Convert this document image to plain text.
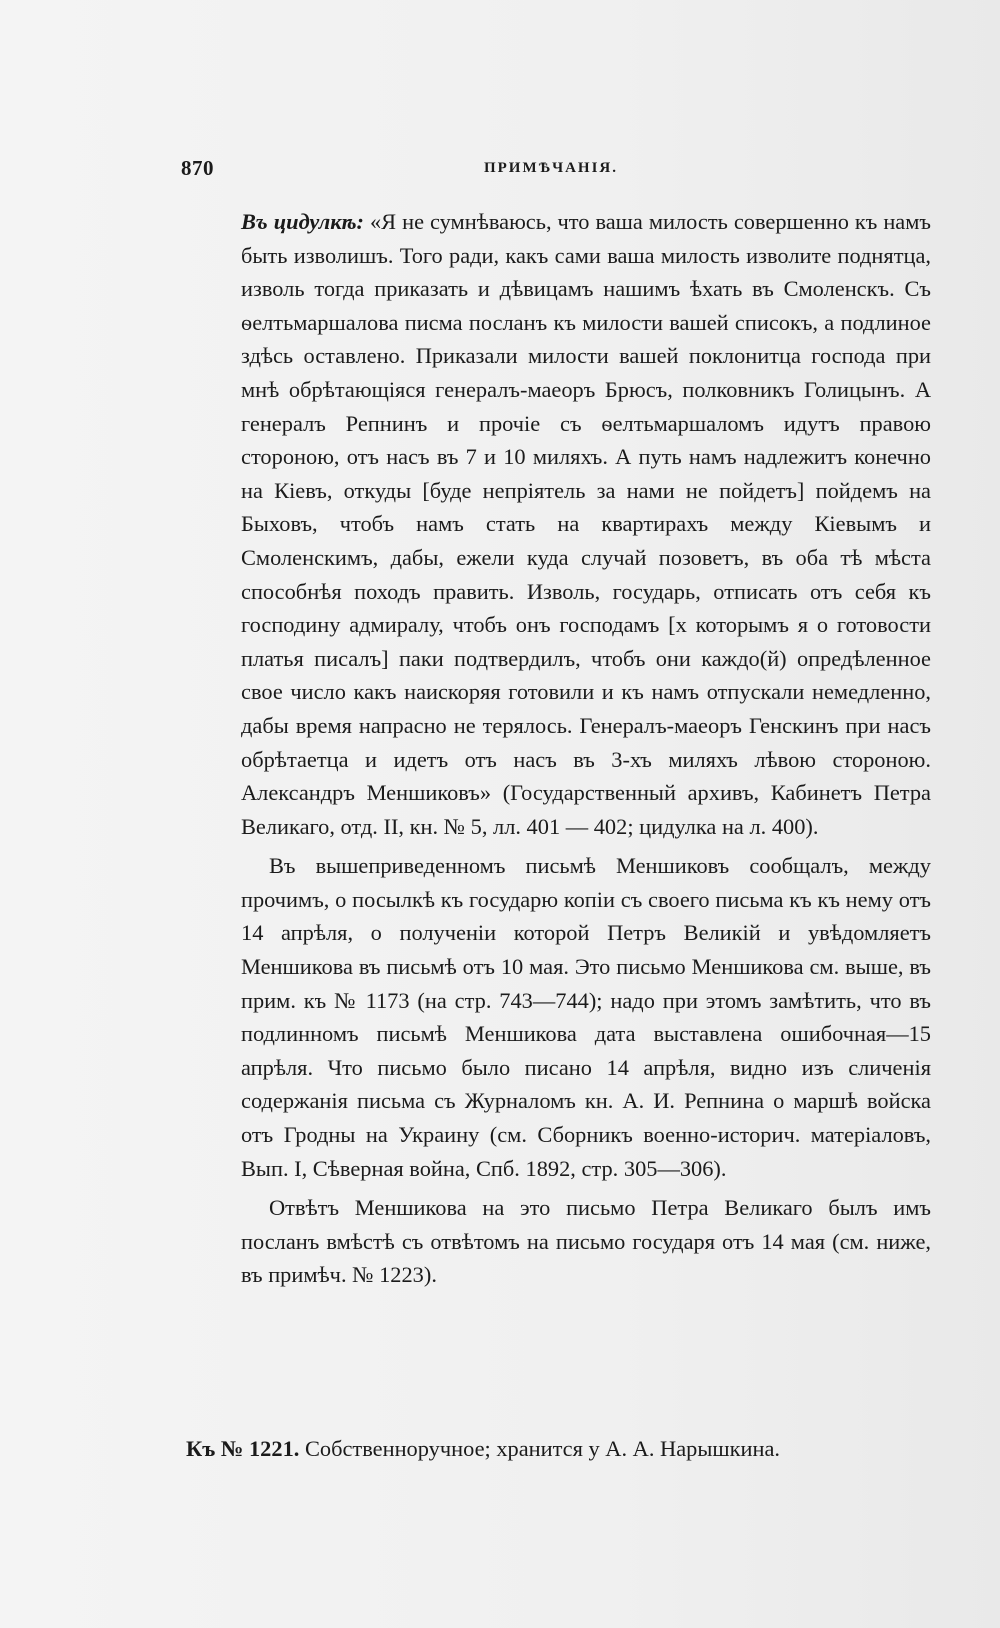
870	ПРИМѢЧАНІЯ.

Въ цидулкѣ: «Я не сумнѣваюсь, что ваша милость совершенно къ намъ быть изволишъ. Того ради, какъ сами ваша милость изволите поднятца, изволь тогда приказать и дѣвицамъ нашимъ ѣхать въ Смоленскъ. Съ ѳелтьмаршалова писма посланъ къ милости вашей списокъ, а подлиное здѣсь оставлено. Приказали милости вашей поклонитца господа при мнѣ обрѣтающіяся генералъ-маеоръ Брюсъ, полковникъ Голицынъ. А генералъ Репнинъ и прочіе съ ѳелтьмаршаломъ идутъ правою стороною, отъ насъ въ 7 и 10 миляхъ. А путь намъ надлежитъ конечно на Кіевъ, откуды [буде непріятель за нами не пойдетъ] пойдемъ на Быховъ, чтобъ намъ стать на квартирахъ между Кіевымъ и Смоленскимъ, дабы, ежели куда случай позоветъ, въ оба тѣ мѣста способнѣя походъ править. Изволь, государь, отписать отъ себя къ господину адмиралу, чтобъ онъ господамъ [х которымъ я о готовости платья писалъ] паки подтвердилъ, чтобъ они каждо(й) опредѣленное свое число какъ наискоряя готовили и къ намъ отпускали немедленно, дабы время напрасно не терялось. Генералъ-маеоръ Генскинъ при насъ обрѣтаетца и идетъ отъ насъ въ 3-хъ миляхъ лѣвою стороною. Александръ Меншиковъ» (Государственный архивъ, Кабинетъ Петра Великаго, отд. II, кн. № 5, лл. 401 — 402; цидулка на л. 400).

Въ вышеприведенномъ письмѣ Меншиковъ сообщалъ, между прочимъ, о посылкѣ къ государю копіи съ своего письма къ къ нему отъ 14 апрѣля, о полученіи которой Петръ Великій и увѣдомляетъ Меншикова въ письмѣ отъ 10 мая. Это письмо Меншикова см. выше, въ прим. къ № 1173 (на стр. 743—744); надо при этомъ замѣтить, что въ подлинномъ письмѣ Меншикова дата выставлена ошибочная—15 апрѣля. Что письмо было писано 14 апрѣля, видно изъ сличенія содержанія письма съ Журналомъ кн. А. И. Репнина о маршѣ войска отъ Гродны на Украину (см. Сборникъ военно-историч. матеріаловъ, Вып. I, Сѣверная война, Спб. 1892, стр. 305—306).

Отвѣтъ Меншикова на это письмо Петра Великаго былъ имъ посланъ вмѣстѣ съ отвѣтомъ на письмо государя отъ 14 мая (см. ниже, въ примѣч. № 1223).

Къ № 1221. Собственноручное; хранится у А. А. Нарышкина.
